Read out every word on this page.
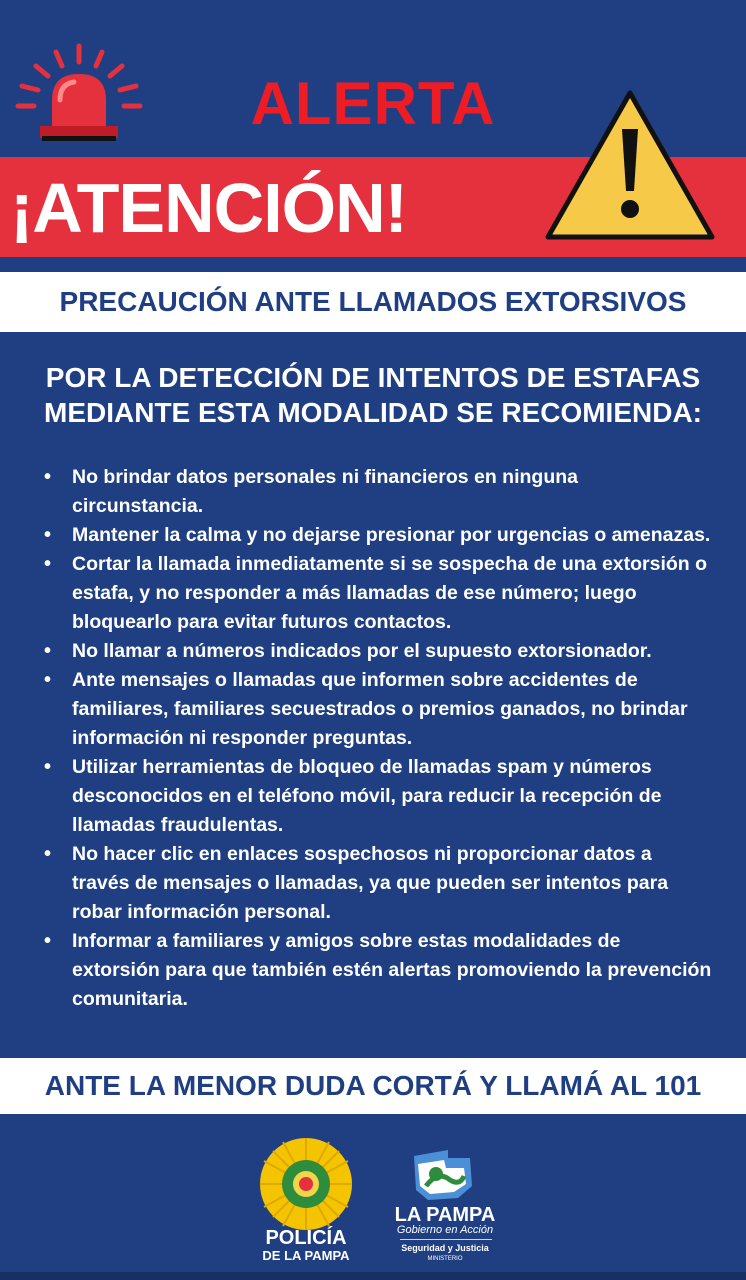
ALERTA
¡ATENCIÓN!
PRECAUCIÓN ANTE LLAMADOS EXTORSIVOS
POR LA DETECCIÓN DE INTENTOS DE ESTAFAS MEDIANTE ESTA MODALIDAD SE RECOMIENDA:
• No brindar datos personales ni financieros en ninguna circunstancia.
• Mantener la calma y no dejarse presionar por urgencias o amenazas.
• Cortar la llamada inmediatamente si se sospecha de una extorsión o estafa, y no responder a más llamadas de ese número; luego bloquearlo para evitar futuros contactos.
• No llamar a números indicados por el supuesto extorsionador.
• Ante mensajes o llamadas que informen sobre accidentes de familiares, familiares secuestrados o premios ganados, no brindar información ni responder preguntas.
• Utilizar herramientas de bloqueo de llamadas spam y números desconocidos en el teléfono móvil, para reducir la recepción de llamadas fraudulentas.
• No hacer clic en enlaces sospechosos ni proporcionar datos a través de mensajes o llamadas, ya que pueden ser intentos para robar información personal.
• Informar a familiares y amigos sobre estas modalidades de extorsión para que también estén alertas promoviendo la prevención comunitaria.
ANTE LA MENOR DUDA CORTÁ Y LLAMÁ AL 101
POLICÍA
DE LA PAMPA
LA PAMPA
Gobierno en Acción
Seguridad y Justicia
MINISTERIO
